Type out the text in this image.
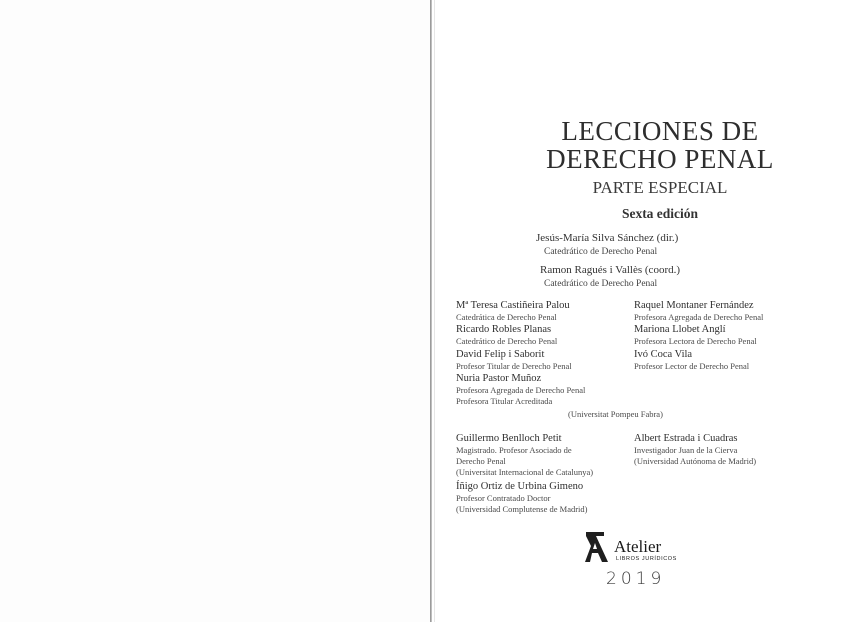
LECCIONES DE
DERECHO PENAL
PARTE ESPECIAL
Sexta edición
Jesús-María Silva Sánchez (dir.)
Catedrático de Derecho Penal
Ramon Ragués i Vallès (coord.)
Catedrático de Derecho Penal
Mª Teresa Castiñeira Palou
Catedrática de Derecho Penal
Ricardo Robles Planas
Catedrático de Derecho Penal
David Felip i Saborit
Profesor Titular de Derecho Penal
Nuria Pastor Muñoz
Profesora Agregada de Derecho Penal
Profesora Titular Acreditada
Raquel Montaner Fernández
Profesora Agregada de Derecho Penal
Mariona Llobet Anglí
Profesora Lectora de Derecho Penal
Ivó Coca Vila
Profesor Lector de Derecho Penal
(Universitat Pompeu Fabra)
Guillermo Benlloch Petit
Magistrado. Profesor Asociado de
Derecho Penal
(Universitat Internacional de Catalunya)
Íñigo Ortiz de Urbina Gimeno
Profesor Contratado Doctor
(Universidad Complutense de Madrid)
Albert Estrada i Cuadras
Investigador Juan de la Cierva
(Universidad Autónoma de Madrid)
Atelier
LIBROS JURÍDICOS
2019
